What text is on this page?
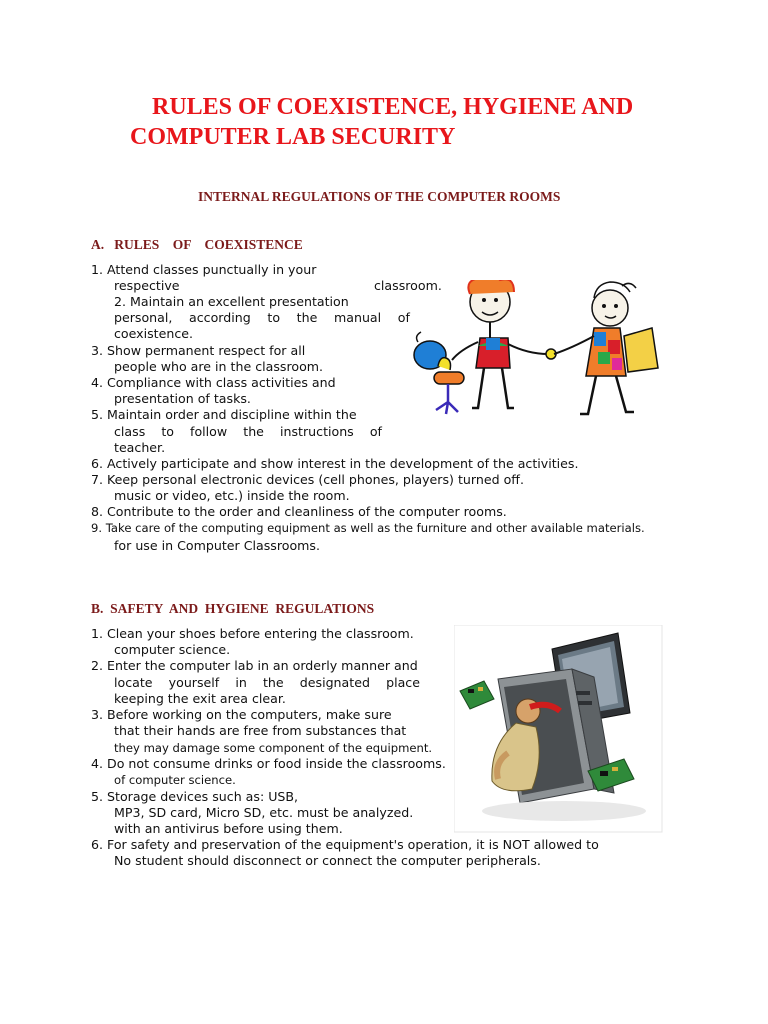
RULES OF COEXISTENCE, HYGIENE AND
COMPUTER LAB SECURITY
INTERNAL REGULATIONS OF THE COMPUTER ROOMS
A.   RULES    OF    COEXISTENCE

1. Attend classes punctually in your

respective	classroom.

2. Maintain an excellent presentation

personal, according to the manual of

coexistence.

3. Show permanent respect for all

people who are in the classroom.

4. Compliance with class activities and

presentation of tasks.

5. Maintain order and discipline within the

class to follow the instructions of

teacher.

6. Actively participate and show interest in the development of the activities.

7. Keep personal electronic devices (cell phones, players) turned off.

music or video, etc.) inside the room.

8. Contribute to the order and cleanliness of the computer rooms.

9. Take care of the computing equipment as well as the furniture and other available materials.

for use in Computer Classrooms.

B.  SAFETY  AND  HYGIENE  REGULATIONS

1. Clean your shoes before entering the classroom.

computer science.

2. Enter the computer lab in an orderly manner and

locate yourself in the designated place

keeping the exit area clear.

3. Before working on the computers, make sure

that their hands are free from substances that

they may damage some component of the equipment.

4. Do not consume drinks or food inside the classrooms.

of computer science.

5. Storage devices such as: USB,

MP3, SD card, Micro SD, etc. must be analyzed.

with an antivirus before using them.

6. For safety and preservation of the equipment's operation, it is NOT allowed to

No student should disconnect or connect the computer peripherals.
